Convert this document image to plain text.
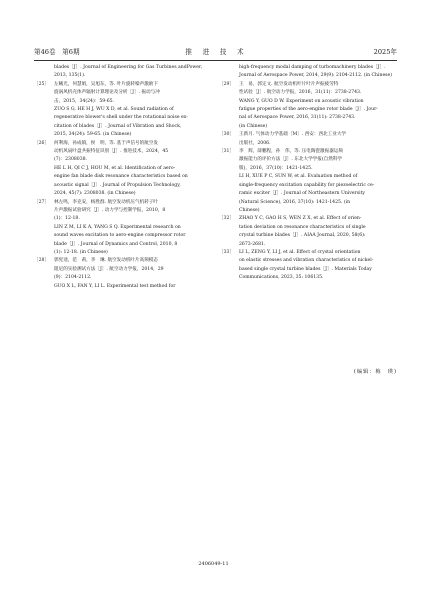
第46卷　第6期	推　进　技　术	2025年
blades［J］. Journal of Engineering for Gas Turbines andPower, 2013, 135(1).
［25］ 左曦光，何慧娟，吴旭东，等. 叶片旋转噪声激励下
旋涡风机壳体声辐射计算理论及分析［J］. 振动与冲
击，2015，34(24)：59-65.
ZUO S G, HE H J, WU X D, et al. Sound radiation of
regenerative blower's shell under the rotational noise ex-
citation of blades［J］. Journal of Vibration and Shock,
2015, 34(24): 59-65. (in Chinese)
［26］ 何利海，孙成镇，侯　明，等. 基于声信号的航空发
动机风扇叶盘共振特征识别［J］. 推进技术，2024，45
(7)：2308038.
HE L H, QI C J, HOU M, et al. Identification of aero-
engine fan blade disk resonance characteristics based on
acoustic signal［J］. Journal of Propulsion Technology,
2024, 45(7): 2308038. (in Chinese)
［27］ 林左鸣，李克安，杨胜群. 航空发动机压气机转子叶
片声激振试验研究［J］. 动力学与控制学报，2010，8
(1)：12-18.
LIN Z M, LI K A, YANG S Q. Experimental research on
sound waves excitation to aero-engine compressor rotor
blade［J］. Journal of Dynamics and Control, 2010, 8
(1): 12-18. (in Chinese)
［28］ 郭宪逵，范　莉，李　琳. 航空发动机叶片高频模态
阻尼的实验测试方法［J］. 航空动力学报，2014，29
(9)：2104-2112.
GUO X L, FAN Y, LI L. Experimental test method for
high-frequency modal damping of turbomachinery blades［J］. Journal of Aerospace Power, 2014, 29(9): 2104-2112. (in Chinese)
［29］ 王　易，郭定文. 航空发动机叶片叶片声振疲劳特
性试验［J］. 航空动力学报，2016，31(11)：2738-2743.
WANG Y, GUO D W. Experiment on acoustic vibration
fatigue properties of the aero-engine rotor blade［J］. Jour-
nal of Aerospace Power, 2016, 31(11): 2738-2743.
(in Chinese)
［30］ 王新月. 气体动力学基础［M］. 西安：西北工业大学
出版社，2006.
［31］ 李　辉，薛鹏程，孙　伟，等. 压电陶瓷激振器运频
激振能力的评价方法［J］. 东北大学学报(自然科学
版)，2016，37(10)：1421-1425.
LI H, XUE P C, SUN W, et al. Evaluation method of
single-frequency excitation capability for piezoelectric ce-
ramic exciter［J］. Journal of Northeastern University
(Natural Science), 2016, 37(10): 1421-1425. (in
Chinese)
［32］ ZHAO Y C, GAO H S, WEN Z X, et al. Effect of orien-
tation deviation on resonance characteristics of single
crystal turbine blades［J］. AIAA Journal, 2020, 58(6):
2673-2681.
［33］ LI L, ZENG Y, LI J, et al. Effect of crystal orientation
on elastic stresses and vibration characteristics of nickel-
based single crystal turbine blades［J］. Materials Today
Communications, 2023, 35: 106135.
(编辑：梅　瑛)
2406049-11
